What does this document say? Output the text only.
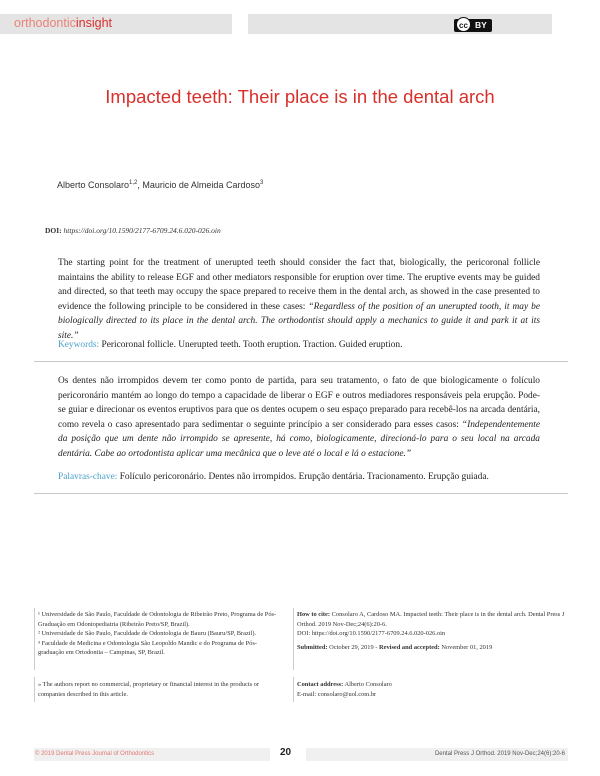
orthodonticinsight	cc BY
Impacted teeth: Their place is in the dental arch
Alberto Consolaro$^{1,2}$, Mauricio de Almeida Cardoso$^3$
DOI: https://doi.org/10.1590/2177-6709.24.6.020-026.oin
The starting point for the treatment of unerupted teeth should consider the fact that, biologically, the pericoronal follicle maintains the ability to release EGF and other mediators responsible for eruption over time. The eruptive events may be guided and directed, so that teeth may occupy the space prepared to receive them in the dental arch, as showed in the case presented to evidence the following principle to be considered in these cases: “Regardless of the position of an unerupted tooth, it may be biologically directed to its place in the dental arch. The orthodontist should apply a mechanics to guide it and park it at its site.”
Keywords: Pericoronal follicle. Unerupted teeth. Tooth eruption. Traction. Guided eruption.
Os dentes não irrompidos devem ter como ponto de partida, para seu tratamento, o fato de que biologicamente o folículo pericoronário mantém ao longo do tempo a capacidade de liberar o EGF e outros mediadores responsáveis pela erupção. Pode-se guiar e direcionar os eventos eruptivos para que os dentes ocupem o seu espaço preparado para recebê-los na arcada dentária, como revela o caso apresentado para sedimentar o seguinte princípio a ser considerado para esses casos: “Independentemente da posição que um dente não irrompido se apresente, há como, biologicamente, direcioná-lo para o seu local na arcada dentária. Cabe ao ortodontista aplicar uma mecânica que o leve até o local e lá o estacione.”
Palavras-chave: Folículo pericoronário. Dentes não irrompidos. Erupção dentária. Tracionamento. Erupção guiada.
¹ Universidade de São Paulo, Faculdade de Odontologia de Ribeirão Preto, Programa de Pós-Graduação em Odontopediatria (Ribeirão Preto/SP, Brazil).
² Universidade de São Paulo, Faculdade de Odontologia de Bauru (Bauru/SP, Brazil).
³ Faculdade de Medicina e Odontologia São Leopoldo Mandic e do Programa de Pós-graduação em Ortodontia – Campinas, SP, Brazil.
» The authors report no commercial, proprietary or financial interest in the products or companies described in this article.
How to cite: Consolaro A, Cardoso MA. Impacted teeth: Their place is in the dental arch. Dental Press J Orthod. 2019 Nov-Dec;24(6):20-6.
DOI: https://doi.org/10.1590/2177-6709.24.6.020-026.oin
Submitted: October 29, 2019 - Revised and accepted: November 01, 2019
Contact address: Alberto Consolaro
E-mail: consolaro@uol.com.br
© 2019 Dental Press Journal of Orthodontics	20	Dental Press J Orthod. 2019 Nov-Dec;24(6):20-6
